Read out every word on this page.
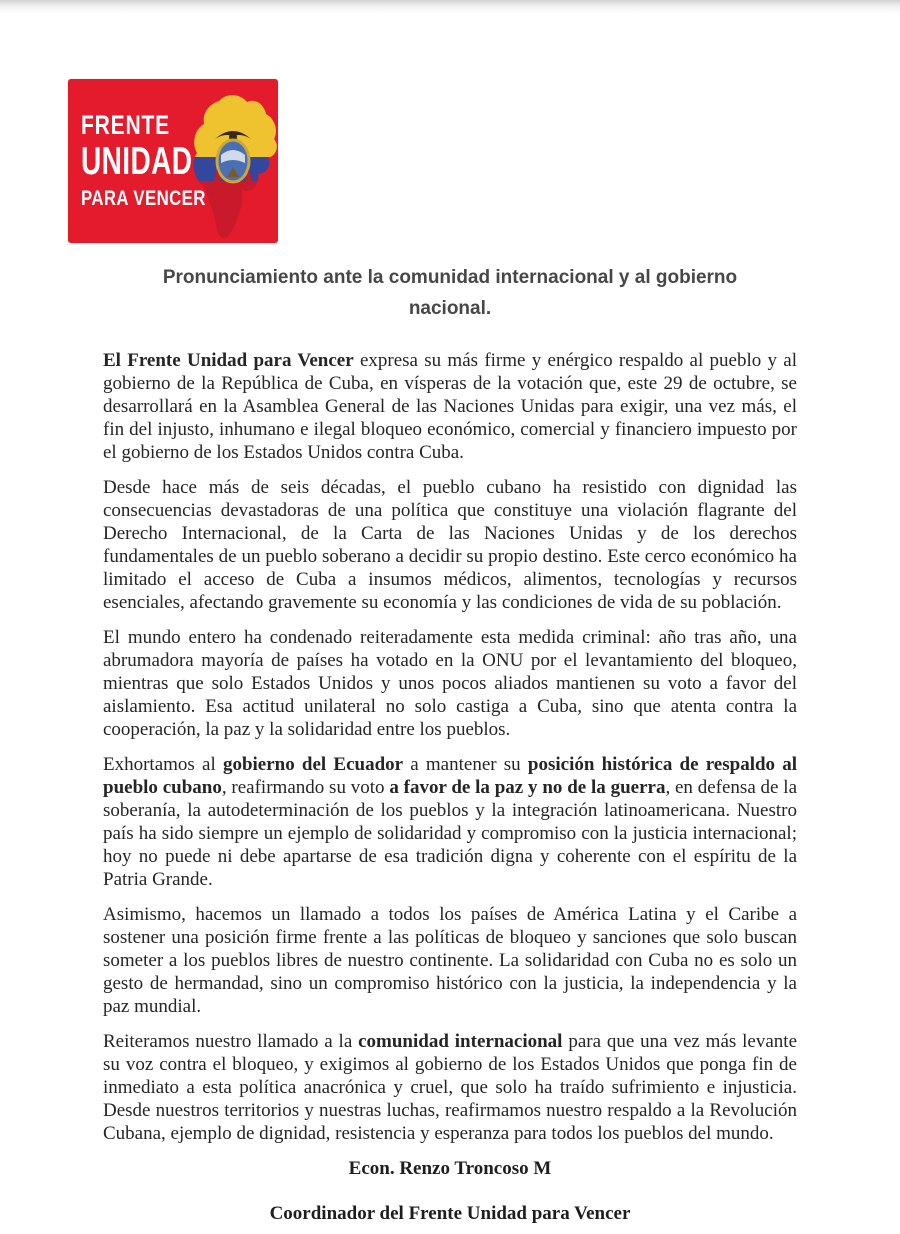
FRENTE
UNIDAD
PARA VENCER
Pronunciamiento ante la comunidad internacional y al gobierno
nacional.

El Frente Unidad para Vencer expresa su más firme y enérgico respaldo al pueblo y al gobierno de la República de Cuba, en vísperas de la votación que, este 29 de octubre, se desarrollará en la Asamblea General de las Naciones Unidas para exigir, una vez más, el fin del injusto, inhumano e ilegal bloqueo económico, comercial y financiero impuesto por el gobierno de los Estados Unidos contra Cuba.

Desde hace más de seis décadas, el pueblo cubano ha resistido con dignidad las consecuencias devastadoras de una política que constituye una violación flagrante del Derecho Internacional, de la Carta de las Naciones Unidas y de los derechos fundamentales de un pueblo soberano a decidir su propio destino. Este cerco económico ha limitado el acceso de Cuba a insumos médicos, alimentos, tecnologías y recursos esenciales, afectando gravemente su economía y las condiciones de vida de su población.

El mundo entero ha condenado reiteradamente esta medida criminal: año tras año, una abrumadora mayoría de países ha votado en la ONU por el levantamiento del bloqueo, mientras que solo Estados Unidos y unos pocos aliados mantienen su voto a favor del aislamiento. Esa actitud unilateral no solo castiga a Cuba, sino que atenta contra la cooperación, la paz y la solidaridad entre los pueblos.

Exhortamos al gobierno del Ecuador a mantener su posición histórica de respaldo al pueblo cubano, reafirmando su voto a favor de la paz y no de la guerra, en defensa de la soberanía, la autodeterminación de los pueblos y la integración latinoamericana. Nuestro país ha sido siempre un ejemplo de solidaridad y compromiso con la justicia internacional; hoy no puede ni debe apartarse de esa tradición digna y coherente con el espíritu de la Patria Grande.

Asimismo, hacemos un llamado a todos los países de América Latina y el Caribe a sostener una posición firme frente a las políticas de bloqueo y sanciones que solo buscan someter a los pueblos libres de nuestro continente. La solidaridad con Cuba no es solo un gesto de hermandad, sino un compromiso histórico con la justicia, la independencia y la paz mundial.

Reiteramos nuestro llamado a la comunidad internacional para que una vez más levante su voz contra el bloqueo, y exigimos al gobierno de los Estados Unidos que ponga fin de inmediato a esta política anacrónica y cruel, que solo ha traído sufrimiento e injusticia. Desde nuestros territorios y nuestras luchas, reafirmamos nuestro respaldo a la Revolución Cubana, ejemplo de dignidad, resistencia y esperanza para todos los pueblos del mundo.

Econ. Renzo Troncoso M
Coordinador del Frente Unidad para Vencer
